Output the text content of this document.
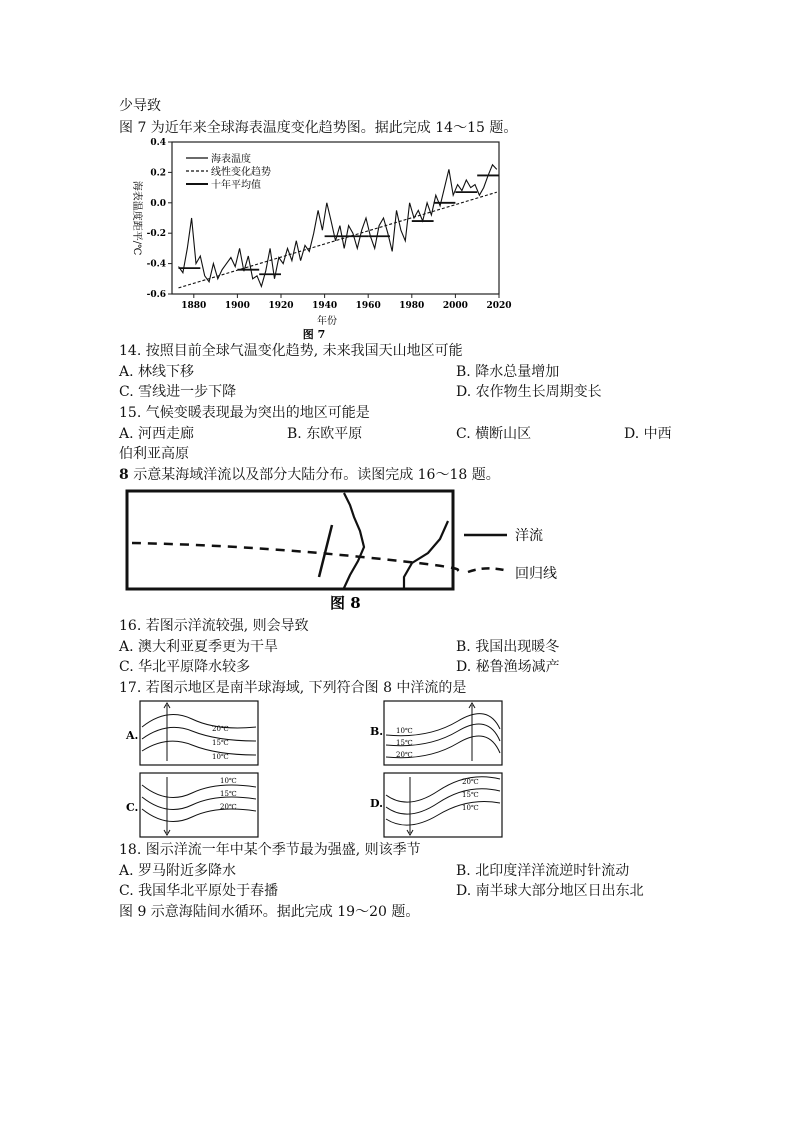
少导致
图 7 为近年来全球海表温度变化趋势图。据此完成 14～15 题。
0.4
0.2
0.0
-0.2
-0.4
-0.6
1880 1900 1920 1940 1960 1980 2000 2020
海表温度
线性变化趋势
十年平均值
年份
图 7
海表温度距平/℃
14. 按照目前全球气温变化趋势, 未来我国天山地区可能
A. 林线下移	B. 降水总量增加
C. 雪线进一步下降	D. 农作物生长周期变长
15. 气候变暖表现最为突出的地区可能是
A. 河西走廊	B. 东欧平原	C. 横断山区	D. 中西
伯利亚高原
8 示意某海域洋流以及部分大陆分布。读图完成 16～18 题。
洋流
回归线
图 8
16. 若图示洋流较强, 则会导致
A. 澳大利亚夏季更为干旱	B. 我国出现暖冬
C. 华北平原降水较多	D. 秘鲁渔场减产
17. 若图示地区是南半球海域, 下列符合图 8 中洋流的是
A.	20℃
15℃
10℃
B. 10℃
15℃
20℃
C.
10℃
15℃
20℃	D.
20℃
15℃
10℃
18. 图示洋流一年中某个季节最为强盛, 则该季节
A. 罗马附近多降水	B. 北印度洋洋流逆时针流动
C. 我国华北平原处于春播	D. 南半球大部分地区日出东北
图 9 示意海陆间水循环。据此完成 19～20 题。
